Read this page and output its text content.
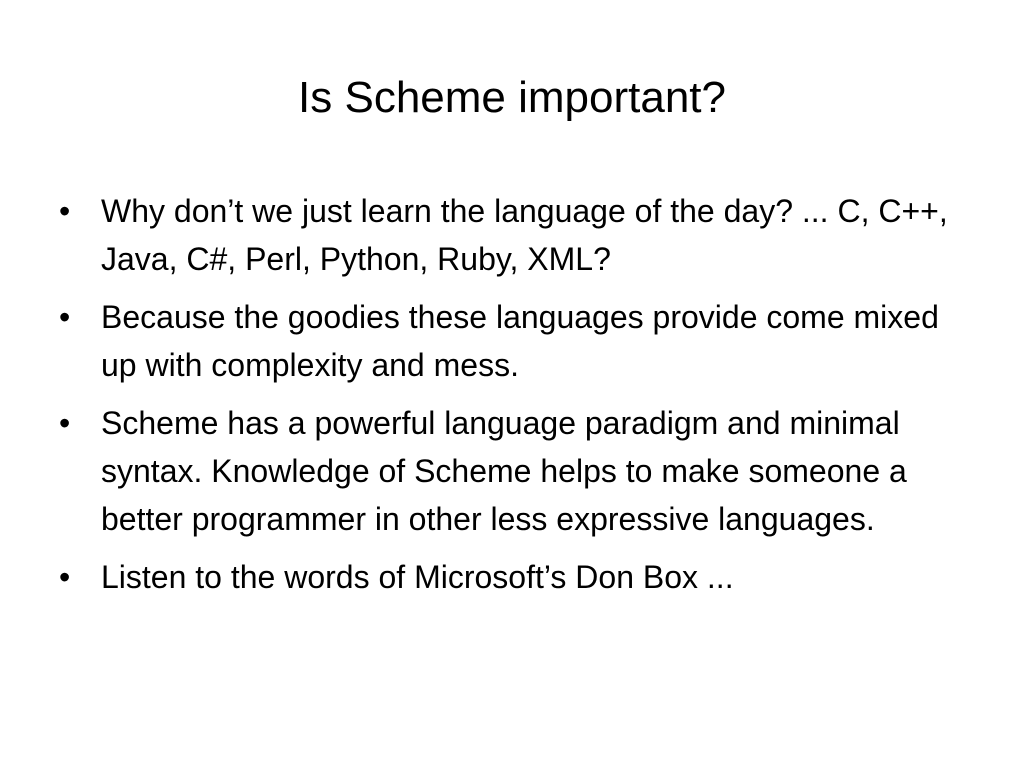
Is Scheme important?
• Why don’t we just learn the language of the day? ... C, C++, Java, C#, Perl, Python, Ruby, XML?
• Because the goodies these languages provide come mixed up with complexity and mess.
• Scheme has a powerful language paradigm and minimal syntax. Knowledge of Scheme helps to make someone a better programmer in other less expressive languages.
• Listen to the words of Microsoft’s Don Box ...
